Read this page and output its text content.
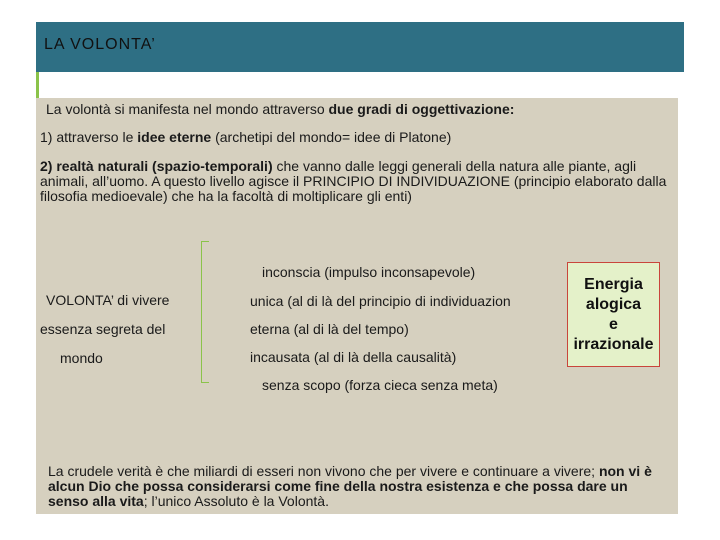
LA VOLONTA’
La volontà si manifesta nel mondo attraverso due gradi di oggettivazione:
1) attraverso le idee eterne (archetipi del mondo= idee di Platone)
2) realtà naturali (spazio-temporali) che vanno dalle leggi generali della natura alle piante, agli animali, all’uomo. A questo livello agisce il PRINCIPIO DI INDIVIDUAZIONE (principio elaborato dalla filosofia medioevale) che ha la facoltà di moltiplicare gli enti)
VOLONTA’ di vivere
essenza segreta del
mondo
inconscia (impulso inconsapevole)
unica (al di là del principio di individuazion
eterna (al di là del tempo)
incausata (al di là della causalità)
senza scopo (forza cieca senza meta)
Energia
alogica
e
irrazionale
La crudele verità è che miliardi di esseri non vivono che per vivere e continuare a vivere; non vi è alcun Dio che possa considerarsi come fine della nostra esistenza e che possa dare un senso alla vita; l’unico Assoluto è la Volontà.
